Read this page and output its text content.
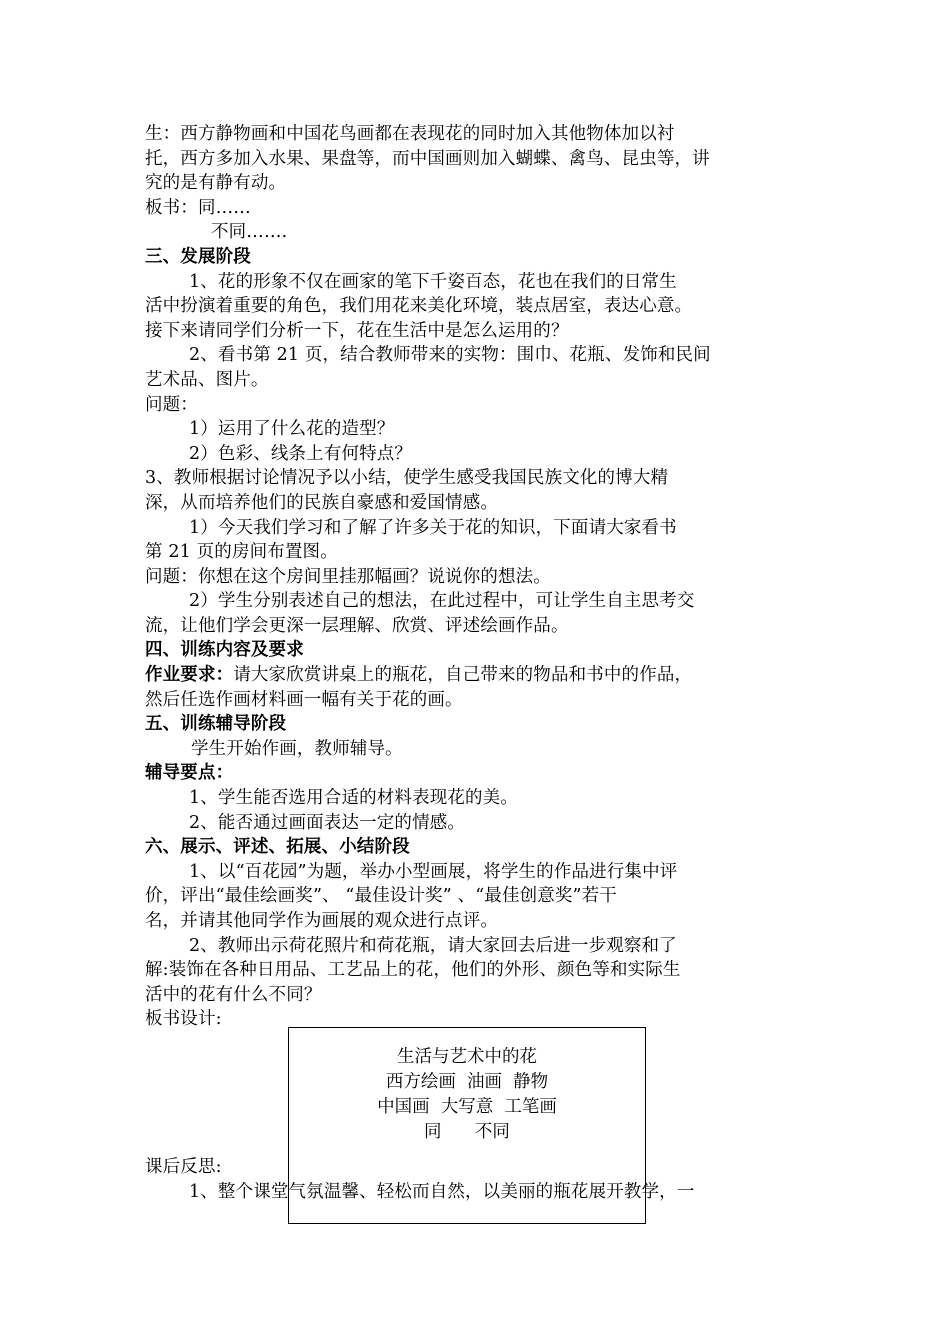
生：西方静物画和中国花鸟画都在表现花的同时加入其他物体加以衬
托，西方多加入水果、果盘等，而中国画则加入蝴蝶、禽鸟、昆虫等，讲
究的是有静有动。
板书：同……
不同…….
三、发展阶段
1、花的形象不仅在画家的笔下千姿百态，花也在我们的日常生
活中扮演着重要的角色，我们用花来美化环境，装点居室，表达心意。
接下来请同学们分析一下，花在生活中是怎么运用的？
2、看书第 21 页，结合教师带来的实物：围巾、花瓶、发饰和民间
艺术品、图片。
问题：
1）运用了什么花的造型？
2）色彩、线条上有何特点？
3、教师根据讨论情况予以小结，使学生感受我国民族文化的博大精
深，从而培养他们的民族自豪感和爱国情感。
1）今天我们学习和了解了许多关于花的知识，下面请大家看书
第 21 页的房间布置图。
问题：你想在这个房间里挂那幅画？说说你的想法。
2）学生分别表述自己的想法，在此过程中，可让学生自主思考交
流，让他们学会更深一层理解、欣赏、评述绘画作品。
四、训练内容及要求
作业要求：请大家欣赏讲桌上的瓶花，自己带来的物品和书中的作品，
然后任选作画材料画一幅有关于花的画。
五、训练辅导阶段
学生开始作画，教师辅导。
辅导要点：
1、学生能否选用合适的材料表现花的美。
2、能否通过画面表达一定的情感。
六、展示、评述、拓展、小结阶段
1、以“百花园”为题，举办小型画展，将学生的作品进行集中评
价，评出“最佳绘画奖”、 “最佳设计奖” 、“最佳创意奖”若干
名，并请其他同学作为画展的观众进行点评。
2、教师出示荷花照片和荷花瓶，请大家回去后进一步观察和了
解:装饰在各种日用品、工艺品上的花，他们的外形、颜色等和实际生
活中的花有什么不同？
板书设计:
课后反思:
1、整个课堂气氛温馨、轻松而自然，以美丽的瓶花展开教学，一
生活与艺术中的花
西方绘画  油画  静物
中国画  大写意  工笔画
同      不同
